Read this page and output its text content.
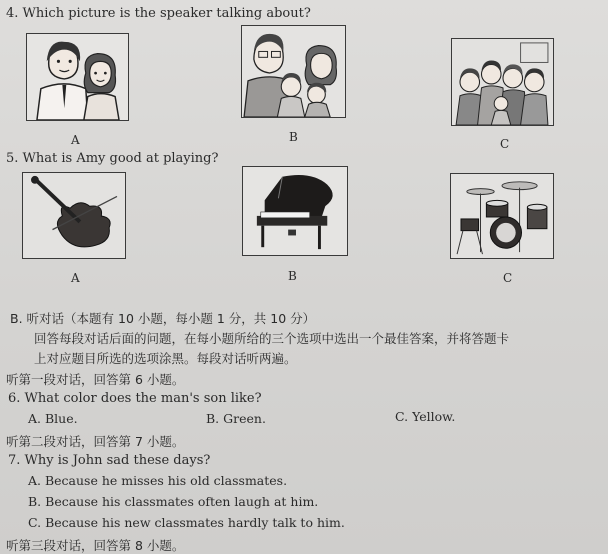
4. Which picture is the speaker talking about?
A	B	C
5. What is Amy good at playing?
A	B	C
B. 听对话（本题有 10 小题，每小题 1 分，共 10 分）
回答每段对话后面的问题，在每小题所给的三个选项中选出一个最佳答案，并将答题卡
上对应题目所选的选项涂黑。每段对话听两遍。
听第一段对话，回答第 6 小题。
6. What color does the man's son like?
A. Blue.	B. Green.	C. Yellow.
听第二段对话，回答第 7 小题。
7. Why is John sad these days?
A. Because he misses his old classmates.
B. Because his classmates often laugh at him.
C. Because his new classmates hardly talk to him.
听第三段对话，回答第 8 小题。
